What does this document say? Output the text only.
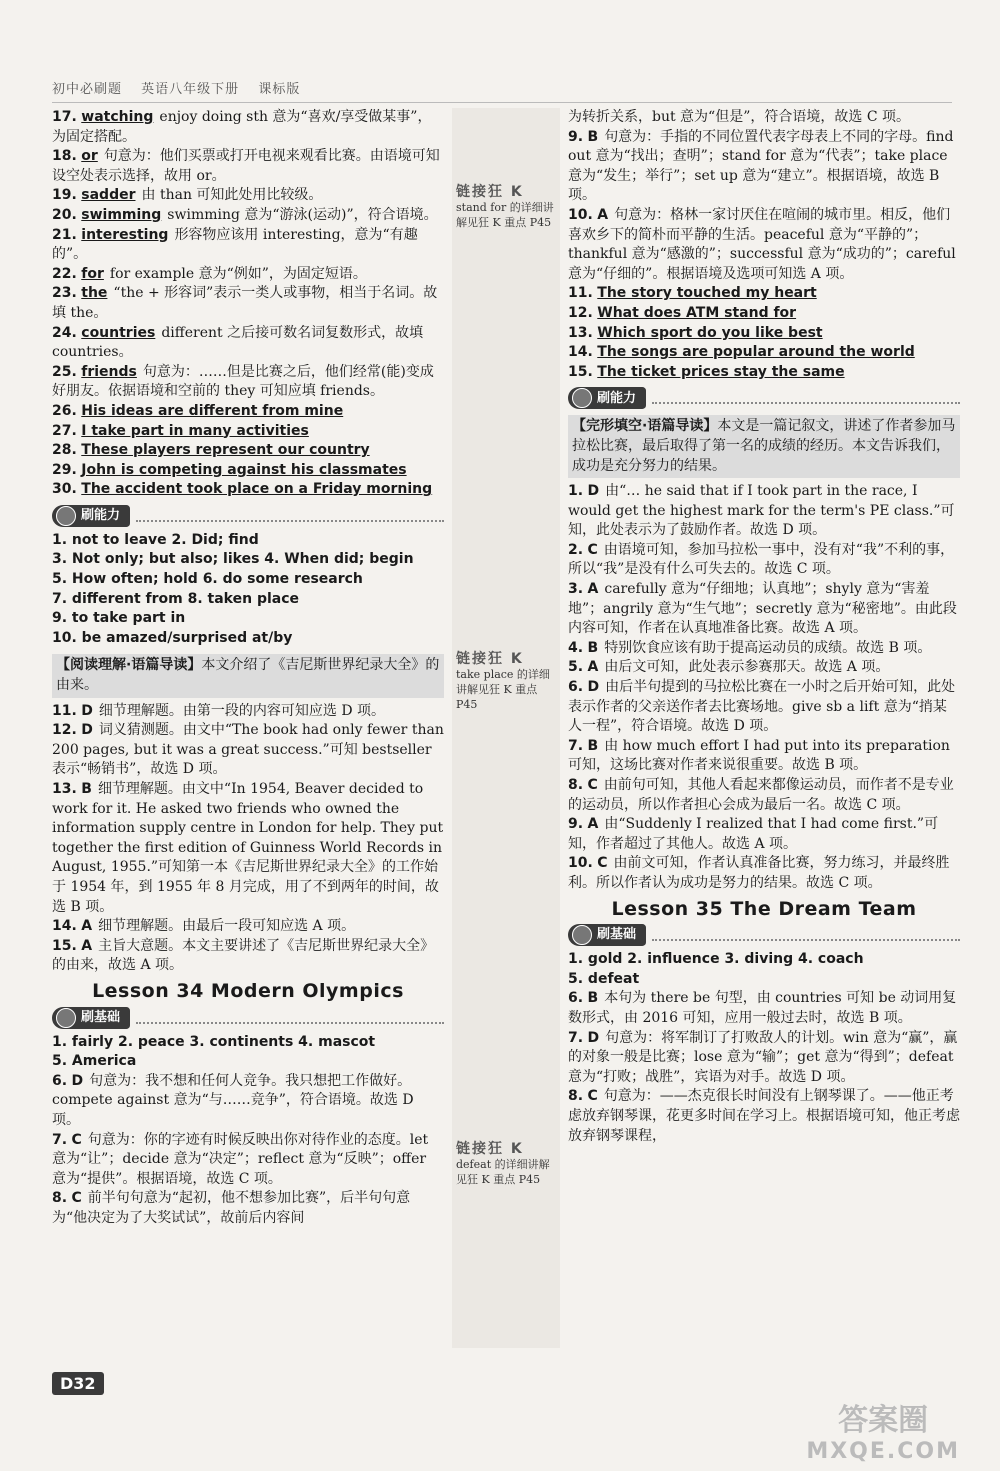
初中必刷题 英语八年级下册 课标版

17. watching enjoy doing sth 意为“喜欢/享受做某事”，为固定搭配。

18. or 句意为：他们买票或打开电视来观看比赛。由语境可知设空处表示选择，故用 or。

19. sadder 由 than 可知此处用比较级。

20. swimming swimming 意为“游泳(运动)”，符合语境。

21. interesting 形容物应该用 interesting，意为“有趣的”。

22. for for example 意为“例如”，为固定短语。

23. the “the + 形容词”表示一类人或事物，相当于名词。故填 the。

24. countries different 之后接可数名词复数形式，故填 countries。

25. friends 句意为：……但是比赛之后，他们经常(能)变成好朋友。依据语境和空前的 they 可知应填 friends。

26. His ideas are different from mine

27. I take part in many activities

28. These players represent our country

29. John is competing against his classmates

30. The accident took place on a Friday morning

刷能力

1. not to leave 2. Did; find

3. Not only; but also; likes 4. When did; begin

5. How often; hold 6. do some research

7. different from 8. taken place

9. to take part in

10. be amazed/surprised at/by

【阅读理解·语篇导读】本文介绍了《吉尼斯世界纪录大全》的由来。

11. D 细节理解题。由第一段的内容可知应选 D 项。

12. D 词义猜测题。由文中“The book had only fewer than 200 pages, but it was a great success.”可知 bestseller 表示“畅销书”，故选 D 项。

13. B 细节理解题。由文中“In 1954, Beaver decided to work for it. He asked two friends who owned the information supply centre in London for help. They put together the first edition of Guinness World Records in August, 1955.”可知第一本《吉尼斯世界纪录大全》的工作始于 1954 年，到 1955 年 8 月完成，用了不到两年的时间，故选 B 项。

14. A 细节理解题。由最后一段可知应选 A 项。

15. A 主旨大意题。本文主要讲述了《吉尼斯世界纪录大全》的由来，故选 A 项。

Lesson 34 Modern Olympics
刷基础

1. fairly 2. peace 3. continents 4. mascot

5. America

6. D 句意为：我不想和任何人竞争。我只想把工作做好。compete against 意为“与……竞争”，符合语境。故选 D 项。

7. C 句意为：你的字迹有时候反映出你对待作业的态度。let 意为“让”；decide 意为“决定”；reflect 意为“反映”；offer 意为“提供”。根据语境，故选 C 项。

8. C 前半句句意为“起初，他不想参加比赛”，后半句句意为“他决定为了大奖试试”，故前后内容间

链接狂 K
stand for 的详细讲解见狂 K 重点 P45
链接狂 K
take place 的详细讲解见狂 K 重点 P45
链接狂 K
defeat 的详细讲解见狂 K 重点 P45

为转折关系，but 意为“但是”，符合语境，故选 C 项。

9. B 句意为：手指的不同位置代表字母表上不同的字母。find out 意为“找出；查明”；stand for 意为“代表”；take place 意为“发生；举行”；set up 意为“建立”。根据语境，故选 B 项。

10. A 句意为：格林一家讨厌住在喧闹的城市里。相反，他们喜欢乡下的简朴而平静的生活。peaceful 意为“平静的”；thankful 意为“感激的”；successful 意为“成功的”；careful 意为“仔细的”。根据语境及选项可知选 A 项。

11. The story touched my heart

12. What does ATM stand for

13. Which sport do you like best

14. The songs are popular around the world

15. The ticket prices stay the same

刷能力
【完形填空·语篇导读】本文是一篇记叙文，讲述了作者参加马拉松比赛，最后取得了第一名的成绩的经历。本文告诉我们，成功是充分努力的结果。

1. D 由“… he said that if I took part in the race, I would get the highest mark for the term's PE class.”可知，此处表示为了鼓励作者。故选 D 项。

2. C 由语境可知，参加马拉松一事中，没有对“我”不利的事，所以“我”是没有什么可失去的。故选 C 项。

3. A carefully 意为“仔细地；认真地”；shyly 意为“害羞地”；angrily 意为“生气地”；secretly 意为“秘密地”。由此段内容可知，作者在认真地准备比赛。故选 A 项。

4. B 特别饮食应该有助于提高运动员的成绩。故选 B 项。

5. A 由后文可知，此处表示参赛那天。故选 A 项。

6. D 由后半句提到的马拉松比赛在一小时之后开始可知，此处表示作者的父亲送作者去比赛场地。give sb a lift 意为“捎某人一程”，符合语境。故选 D 项。

7. B 由 how much effort I had put into its preparation 可知，这场比赛对作者来说很重要。故选 B 项。

8. C 由前句可知，其他人看起来都像运动员，而作者不是专业的运动员，所以作者担心会成为最后一名。故选 C 项。

9. A 由“Suddenly I realized that I had come first.”可知，作者超过了其他人。故选 A 项。

10. C 由前文可知，作者认真准备比赛，努力练习，并最终胜利。所以作者认为成功是努力的结果。故选 C 项。

Lesson 35 The Dream Team
刷基础

1. gold 2. influence 3. diving 4. coach

5. defeat

6. B 本句为 there be 句型，由 countries 可知 be 动词用复数形式，由 2016 可知，应用一般过去时，故选 B 项。

7. D 句意为：将军制订了打败敌人的计划。win 意为“赢”，赢的对象一般是比赛；lose 意为“输”；get 意为“得到”；defeat 意为“打败；战胜”，宾语为对手。故选 D 项。

8. C 句意为：——杰克很长时间没有上钢琴课了。——他正考虑放弃钢琴课，花更多时间在学习上。根据语境可知，他正考虑放弃钢琴课程，

D32
答案圈
MXQE.COM
